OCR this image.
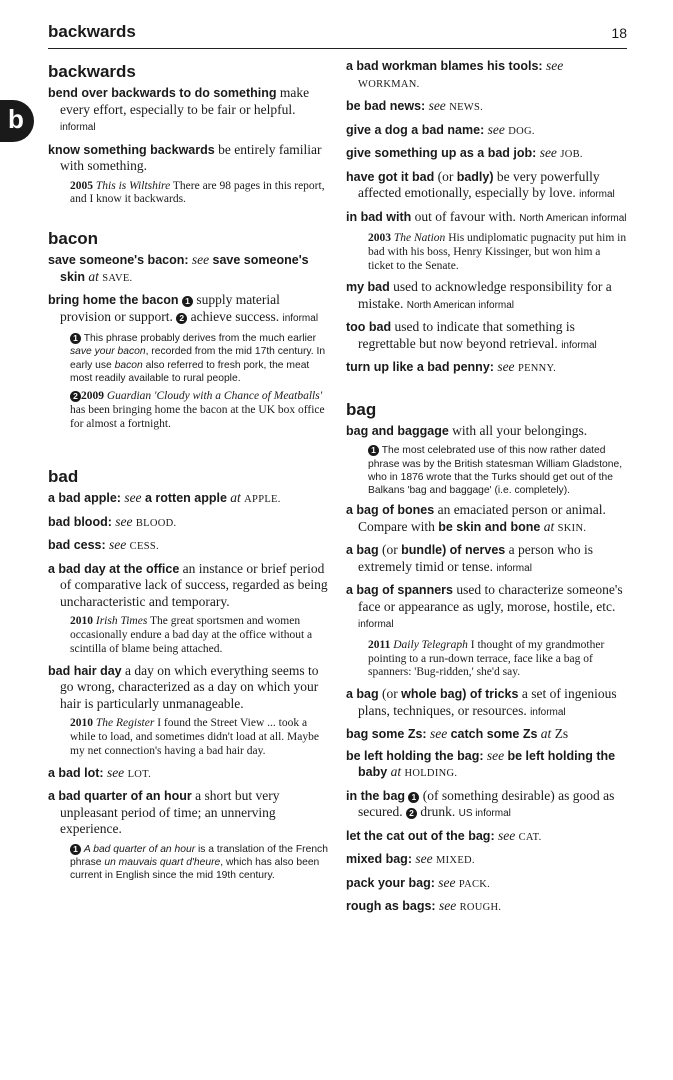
backwards	18
b
backwards

bend over backwards to do something make every effort, especially to be fair or helpful. informal

know something backwards be entirely familiar with something.

2005 This is Wiltshire There are 98 pages in this report, and I know it backwards.

bacon

save someone's bacon: see save someone's skin at SAVE.

bring home the bacon 1 supply material provision or support. 2 achieve success. informal

1 This phrase probably derives from the much earlier save your bacon, recorded from the mid 17th century. In early use bacon also referred to fresh pork, the meat most readily available to rural people.

2 2009 Guardian 'Cloudy with a Chance of Meatballs' has been bringing home the bacon at the UK box office for almost a fortnight.

bad

a bad apple: see a rotten apple at APPLE.

bad blood: see BLOOD.

bad cess: see CESS.

a bad day at the office an instance or brief period of comparative lack of success, regarded as being uncharacteristic and temporary.

2010 Irish Times The great sportsmen and women occasionally endure a bad day at the office without a scintilla of blame being attached.

bad hair day a day on which everything seems to go wrong, characterized as a day on which your hair is particularly unmanageable.

2010 The Register I found the Street View ... took a while to load, and sometimes didn't load at all. Maybe my net connection's having a bad hair day.

a bad lot: see LOT.

a bad quarter of an hour a short but very unpleasant period of time; an unnerving experience.

1 A bad quarter of an hour is a translation of the French phrase un mauvais quart d'heure, which has also been current in English since the mid 19th century.

a bad workman blames his tools: see WORKMAN.

be bad news: see NEWS.

give a dog a bad name: see DOG.

give something up as a bad job: see JOB.

have got it bad (or badly) be very powerfully affected emotionally, especially by love. informal

in bad with out of favour with. North American informal

2003 The Nation His undiplomatic pugnacity put him in bad with his boss, Henry Kissinger, but won him a ticket to the Senate.

my bad used to acknowledge responsibility for a mistake. North American informal

too bad used to indicate that something is regrettable but now beyond retrieval. informal

turn up like a bad penny: see PENNY.

bag

bag and baggage with all your belongings.

1 The most celebrated use of this now rather dated phrase was by the British statesman William Gladstone, who in 1876 wrote that the Turks should get out of the Balkans 'bag and baggage' (i.e. completely).

a bag of bones an emaciated person or animal. Compare with be skin and bone at SKIN.

a bag (or bundle) of nerves a person who is extremely timid or tense. informal

a bag of spanners used to characterize someone's face or appearance as ugly, morose, hostile, etc. informal

2011 Daily Telegraph I thought of my grandmother pointing to a run-down terrace, face like a bag of spanners: 'Bug-ridden,' she'd say.

a bag (or whole bag) of tricks a set of ingenious plans, techniques, or resources. informal

bag some Zs: see catch some Zs at Zs

be left holding the bag: see be left holding the baby at HOLDING.

in the bag 1 (of something desirable) as good as secured. 2 drunk. US informal

let the cat out of the bag: see CAT.

mixed bag: see MIXED.

pack your bag: see PACK.

rough as bags: see ROUGH.
